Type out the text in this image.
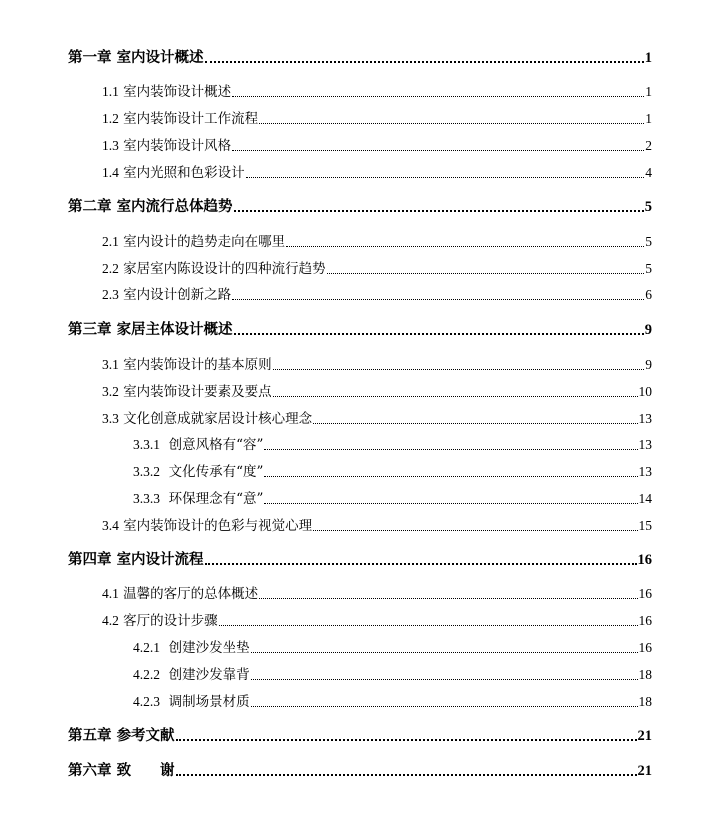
第一章 室内设计概述	1
1.1 室内装饰设计概述	1
1.2 室内装饰设计工作流程	1
1.3 室内装饰设计风格	2
1.4 室内光照和色彩设计	4
第二章 室内流行总体趋势	5
2.1 室内设计的趋势走向在哪里	5
2.2 家居室内陈设设计的四种流行趋势	5
2.3 室内设计创新之路	6
第三章 家居主体设计概述	9
3.1 室内装饰设计的基本原则	9
3.2 室内装饰设计要素及要点	10
3.3 文化创意成就家居设计核心理念	13
3.3.1 创意风格有“容”	13
3.3.2 文化传承有“度”	13
3.3.3 环保理念有“意”	14
3.4 室内装饰设计的色彩与视觉心理	15
第四章 室内设计流程	16
4.1 温馨的客厅的总体概述	16
4.2 客厅的设计步骤	16
4.2.1 创建沙发坐垫	16
4.2.2 创建沙发靠背	18
4.2.3 调制场景材质	18
第五章 参考文献	21
第六章 致　　谢	21
